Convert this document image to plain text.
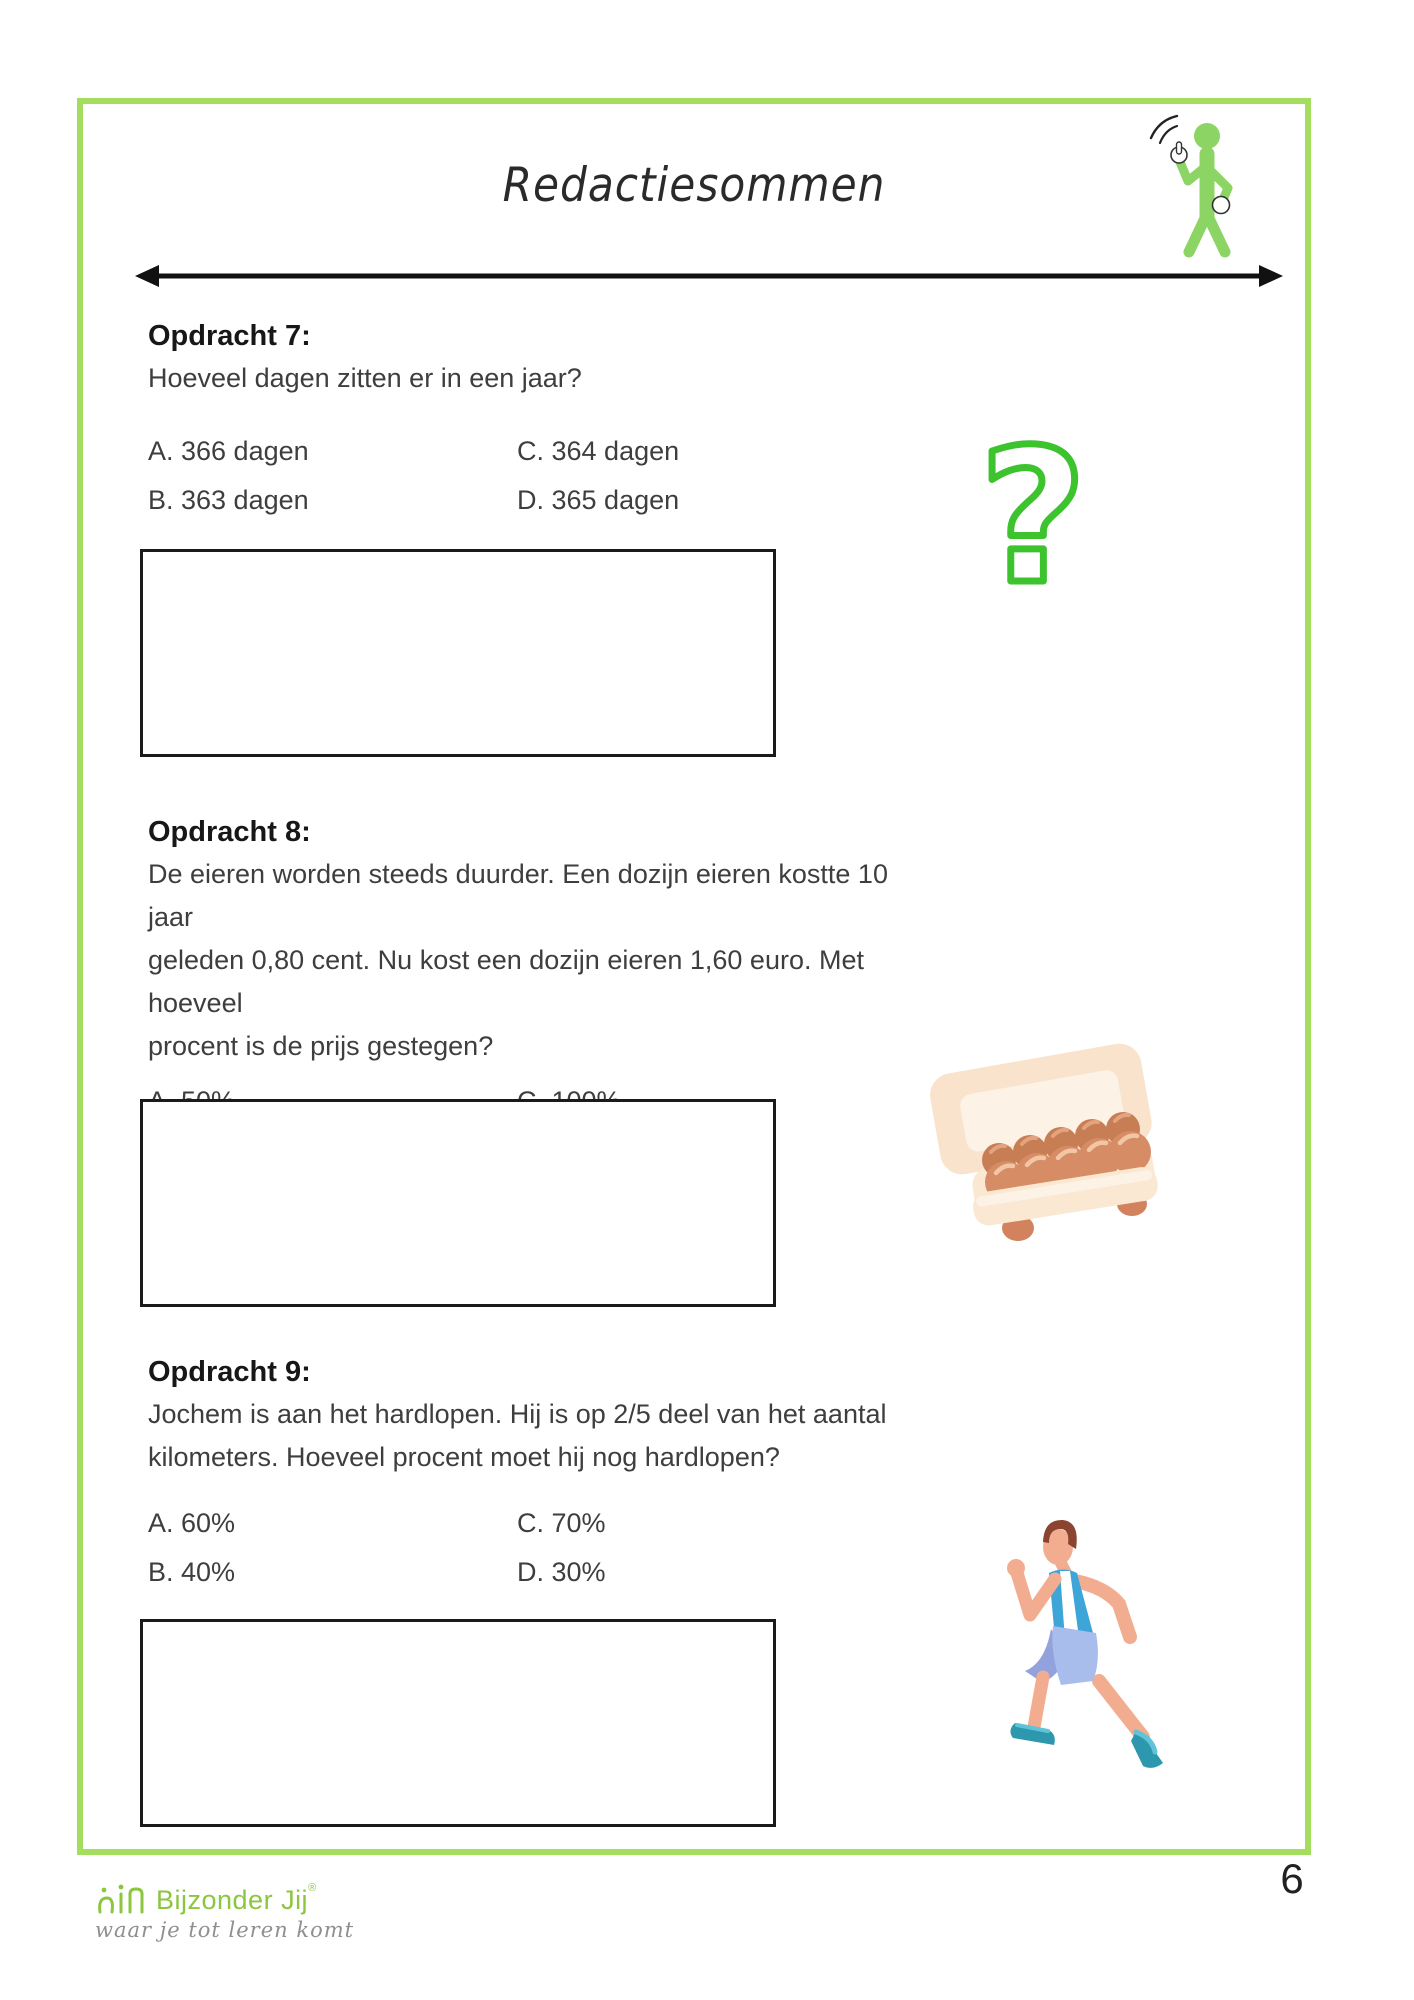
Redactiesommen
Opdracht 7:
Hoeveel dagen zitten er in een jaar?
A. 366 dagen	C. 364 dagen
B. 363 dagen	D. 365 dagen	?
Opdracht 8:
De eieren worden steeds duurder. Een dozijn eieren kostte 10 jaar
geleden 0,80 cent. Nu kost een dozijn eieren 1,60 euro. Met hoeveel
procent is de prijs gestegen?
Opdracht 9:
Jochem is aan het hardlopen. Hij is op 2/5 deel van het aantal
kilometers. Hoeveel procent moet hij nog hardlopen?
A. 60%	C. 70%
B. 40%	D. 30%
Bijzonder Jij®
waar je tot leren komt
6
